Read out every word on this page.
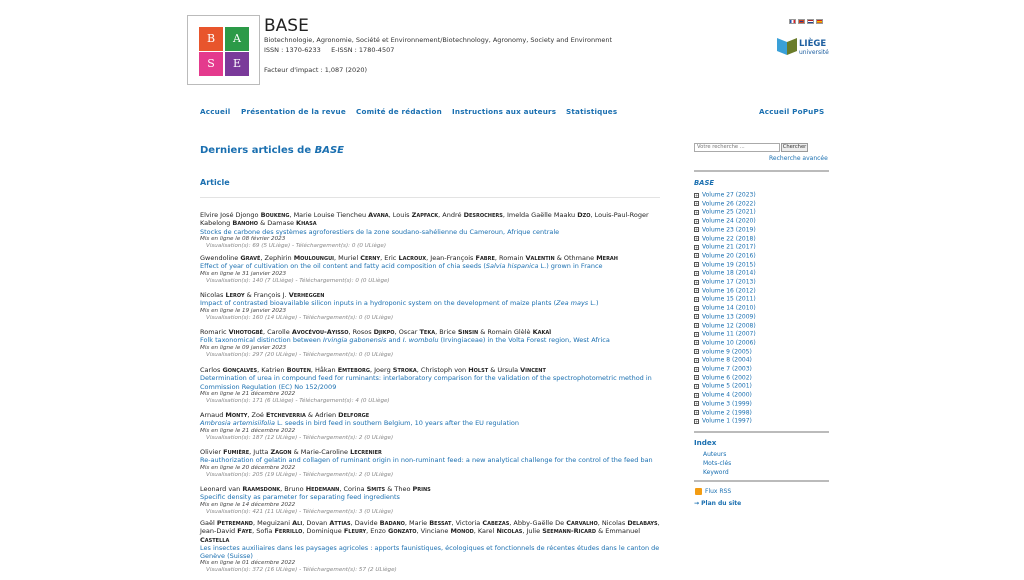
B	A
S	E
BASE
Biotechnologie, Agronomie, Société et Environnement/Biotechnology, Agronomy, Society and Environment
ISSN : 1370-6233     E-ISSN : 1780-4507
Facteur d'impact : 1,087 (2020)
LIÈGE
université
Accueil Présentation de la revue Comité de rédaction Instructions aux auteurs Statistiques	Accueil PoPuPS
Derniers articles de BASE
Article
Elvire José Djongo Boukeng, Marie Louise Tiencheu Avana, Louis Zapfack, André Desrochers, Imelda Gaëlle Maaku Dzo, Louis-Paul-Roger Kabelong Banoho & Damase Khasa
Stocks de carbone des systèmes agroforestiers de la zone soudano-sahélienne du Cameroun, Afrique centrale
Mis en ligne le 08 février 2023
Visualisation(s): 69 (5 ULiège) - Téléchargement(s): 0 (0 ULiège)
Gwendoline Gravé, Zephirin Mouloungui, Muriel Cerny, Eric Lacroux, Jean-François Fabre, Romain Valentin & Othmane Merah
Effect of year of cultivation on the oil content and fatty acid composition of chia seeds (Salvia hispanica L.) grown in France
Mis en ligne le 31 janvier 2023
Visualisation(s): 140 (7 ULiège) - Téléchargement(s): 0 (0 ULiège)
Nicolas Leroy & François J. Verheggen
Impact of contrasted bioavailable silicon inputs in a hydroponic system on the development of maize plants (Zea mays L.)
Mis en ligne le 19 janvier 2023
Visualisation(s): 160 (14 ULiège) - Téléchargement(s): 0 (0 ULiège)
Romaric Vihotogbé, Carolle Avocévou-Ayisso, Rosos Djikpo, Oscar Teka, Brice Sinsin & Romain Glèlè Kakaï
Folk taxonomical distinction between Irvingia gabonensis and I. wombolu (Irvingiaceae) in the Volta Forest region, West Africa
Mis en ligne le 09 janvier 2023
Visualisation(s): 297 (20 ULiège) - Téléchargement(s): 0 (0 ULiège)
Carlos Gonçalves, Katrien Bouten, Håkan Emteborg, Joerg Stroka, Christoph von Holst & Ursula Vincent
Determination of urea in compound feed for ruminants: interlaboratory comparison for the validation of the spectrophotometric method in Commission Regulation (EC) No 152/2009
Mis en ligne le 21 décembre 2022
Visualisation(s): 171 (6 ULiège) - Téléchargement(s): 4 (0 ULiège)
Arnaud Monty, Zoé Etcheverria & Adrien Delforge
Ambrosia artemisiifolia L. seeds in bird feed in southern Belgium, 10 years after the EU regulation
Mis en ligne le 21 décembre 2022
Visualisation(s): 187 (12 ULiège) - Téléchargement(s): 2 (0 ULiège)
Olivier Fumière, Jutta Zagon & Marie-Caroline Lecrenier
Re-authorization of gelatin and collagen of ruminant origin in non-ruminant feed: a new analytical challenge for the control of the feed ban
Mis en ligne le 20 décembre 2022
Visualisation(s): 205 (19 ULiège) - Téléchargement(s): 2 (0 ULiège)
Leonard van Raamsdonk, Bruno Hedemann, Corina Smits & Theo Prins
Specific density as parameter for separating feed ingredients
Mis en ligne le 14 décembre 2022
Visualisation(s): 421 (11 ULiège) - Téléchargement(s): 3 (0 ULiège)
Gaël Petremand, Meguizani Ali, Dovan Attias, Davide Badano, Marie Bessat, Victoria Cabezas, Abby-Gaëlle De Carvalho, Nicolas Delabays, Jean-David Faye, Sofia Ferrillo, Dominique Fleury, Enzo Gonzato, Vinciane Monod, Karel Nicolas, Julie Seemann-Ricard & Emmanuel Castella
Les insectes auxiliaires dans les paysages agricoles : apports faunistiques, écologiques et fonctionnels de récentes études dans le canton de Genève (Suisse)
Mis en ligne le 01 décembre 2022
Visualisation(s): 372 (16 ULiège) - Téléchargement(s): 57 (2 ULiège)
Votre recherche ...	Chercher
Recherche avancée
BASE
+ Volume 27 (2023)
+ Volume 26 (2022)
+ Volume 25 (2021)
+ Volume 24 (2020)
+ Volume 23 (2019)
+ Volume 22 (2018)
+ Volume 21 (2017)
+ Volume 20 (2016)
+ Volume 19 (2015)
+ Volume 18 (2014)
+ Volume 17 (2013)
+ Volume 16 (2012)
+ Volume 15 (2011)
+ Volume 14 (2010)
+ Volume 13 (2009)
+ Volume 12 (2008)
+ Volume 11 (2007)
+ Volume 10 (2006)
+ volume 9 (2005)
+ Volume 8 (2004)
+ Volume 7 (2003)
+ Volume 6 (2002)
+ Volume 5 (2001)
+ Volume 4 (2000)
+ Volume 3 (1999)
+ Volume 2 (1998)
+ Volume 1 (1997)
Index
Auteurs
Mots-clés
Keyword
Flux RSS
→ Plan du site
